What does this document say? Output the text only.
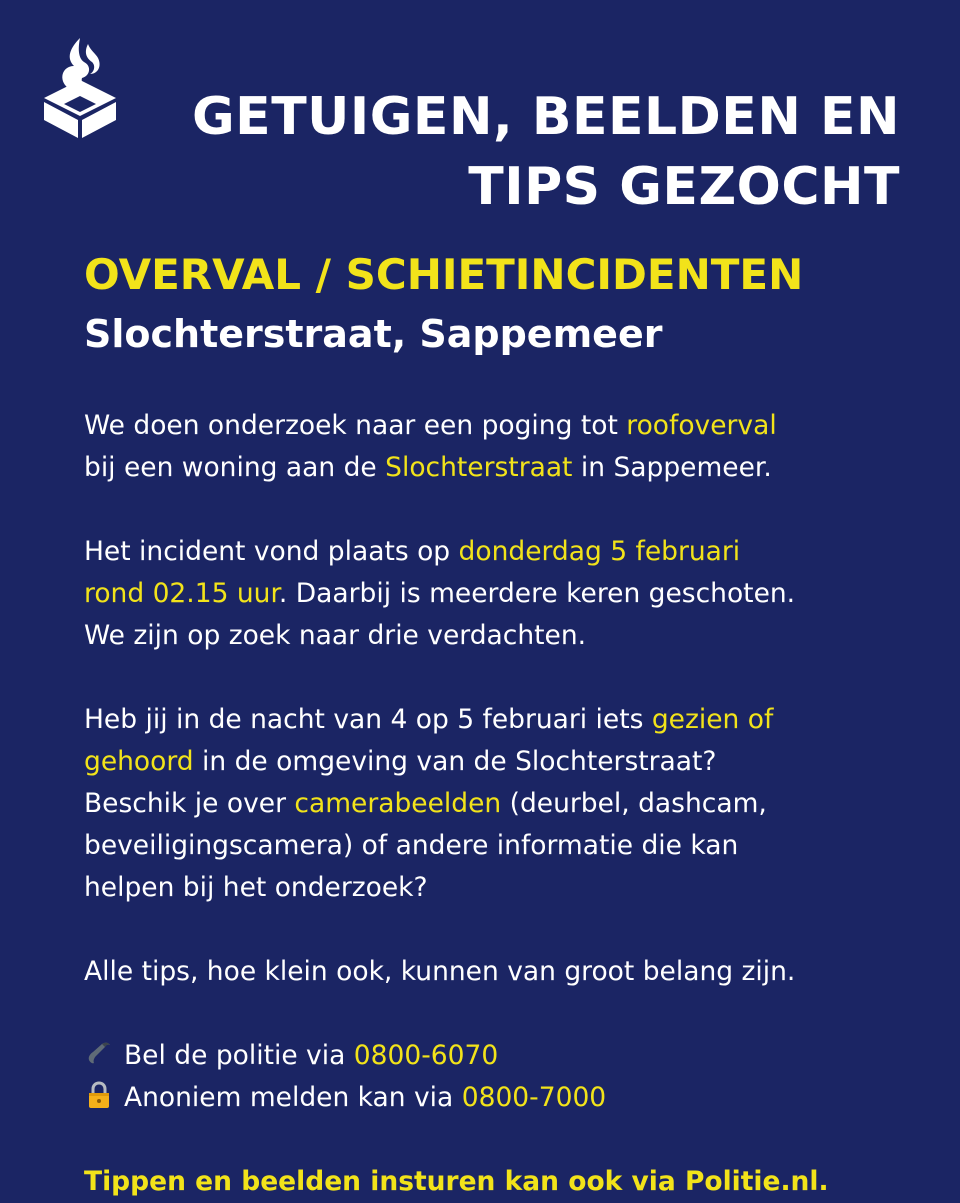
GETUIGEN, BEELDEN EN
TIPS GEZOCHT
OVERVAL / SCHIETINCIDENTEN
Slochterstraat, Sappemeer

We doen onderzoek naar een poging tot roofoverval
bij een woning aan de Slochterstraat in Sappemeer.

Het incident vond plaats op donderdag 5 februari
rond 02.15 uur. Daarbij is meerdere keren geschoten.
We zijn op zoek naar drie verdachten.

Heb jij in de nacht van 4 op 5 februari iets gezien of
gehoord in de omgeving van de Slochterstraat?
Beschik je over camerabeelden (deurbel, dashcam,
beveiligingscamera) of andere informatie die kan
helpen bij het onderzoek?

Alle tips, hoe klein ook, kunnen van groot belang zijn.

Bel de politie via 0800-6070
Anoniem melden kan via 0800-7000

Tippen en beelden insturen kan ook via Politie.nl.
